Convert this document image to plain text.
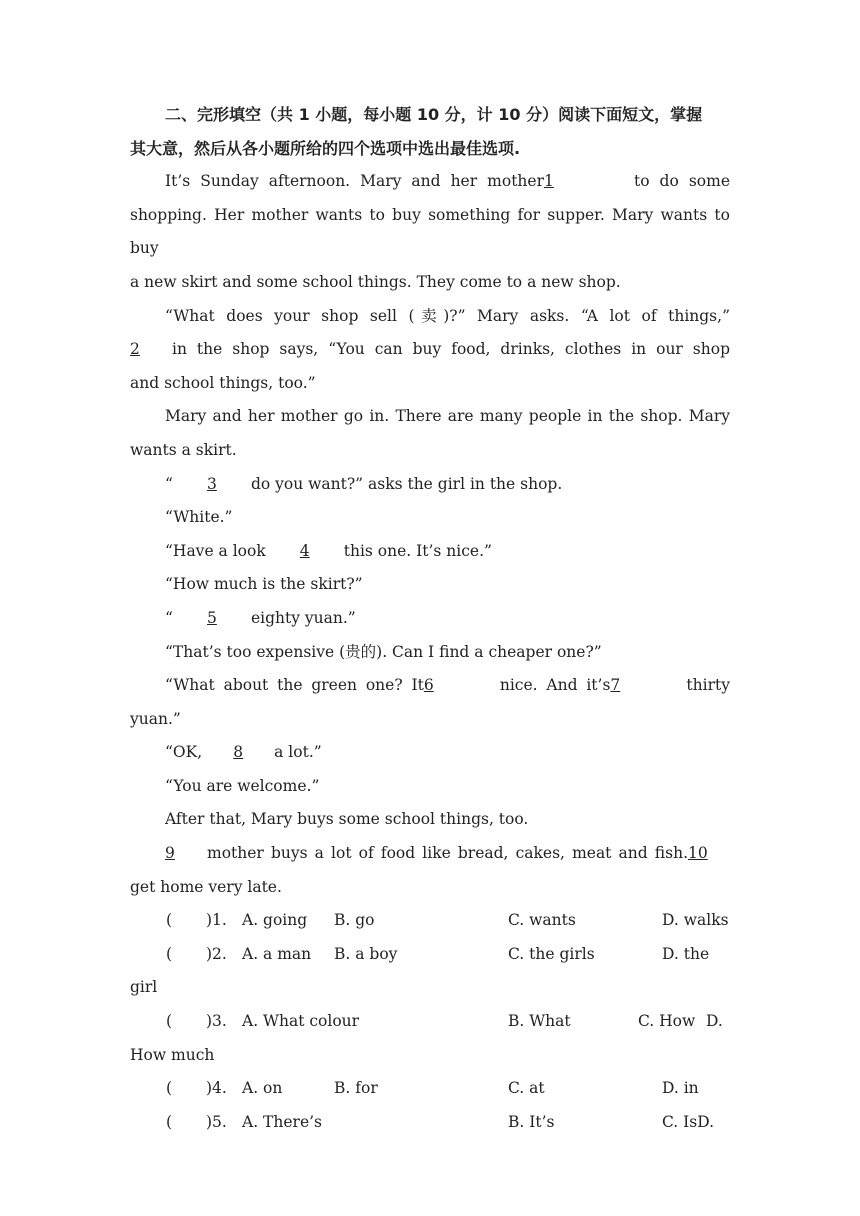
二、完形填空（共 1 小题，每小题 10 分，计 10 分）阅读下面短文，掌握
其大意，然后从各小题所给的四个选项中选出最佳选项.
It’s Sunday afternoon. Mary and her mother1	to do some
shopping. Her mother wants to buy something for supper. Mary wants to buy
a new skirt and some school things. They come to a new shop.
“What does your shop sell (卖)?” Mary asks. “A lot of things,”
2 in the shop says, “You can buy food, drinks, clothes in our shop
and school things, too.”
Mary and her mother go in. There are many people in the shop. Mary
wants a skirt.
“ 3 do you want?” asks the girl in the shop.
“White.”
“Have a look 4 this one. It’s nice.”
“How much is the skirt?”
“ 5 eighty yuan.”
“That’s too expensive (贵的). Can I find a cheaper one?”
“What about the green one? It6	nice. And it’s7	thirty
yuan.”
“OK, 8 a lot.”
“You are welcome.”
After that, Mary buys some school things, too.
9 mother buys a lot of food like bread, cakes, meat and fish.10
get home very late.
( )1. A. going B. go	C. wants	D. walks
( )2. A. a man B. a boy	C. the girls	D. the
girl
( )3. A. What colour	B. What	C. How D.
How much
( )4. A. on	B. for	C. at	D. in
( )5. A. There’s	B. It’s	C. IsD.
